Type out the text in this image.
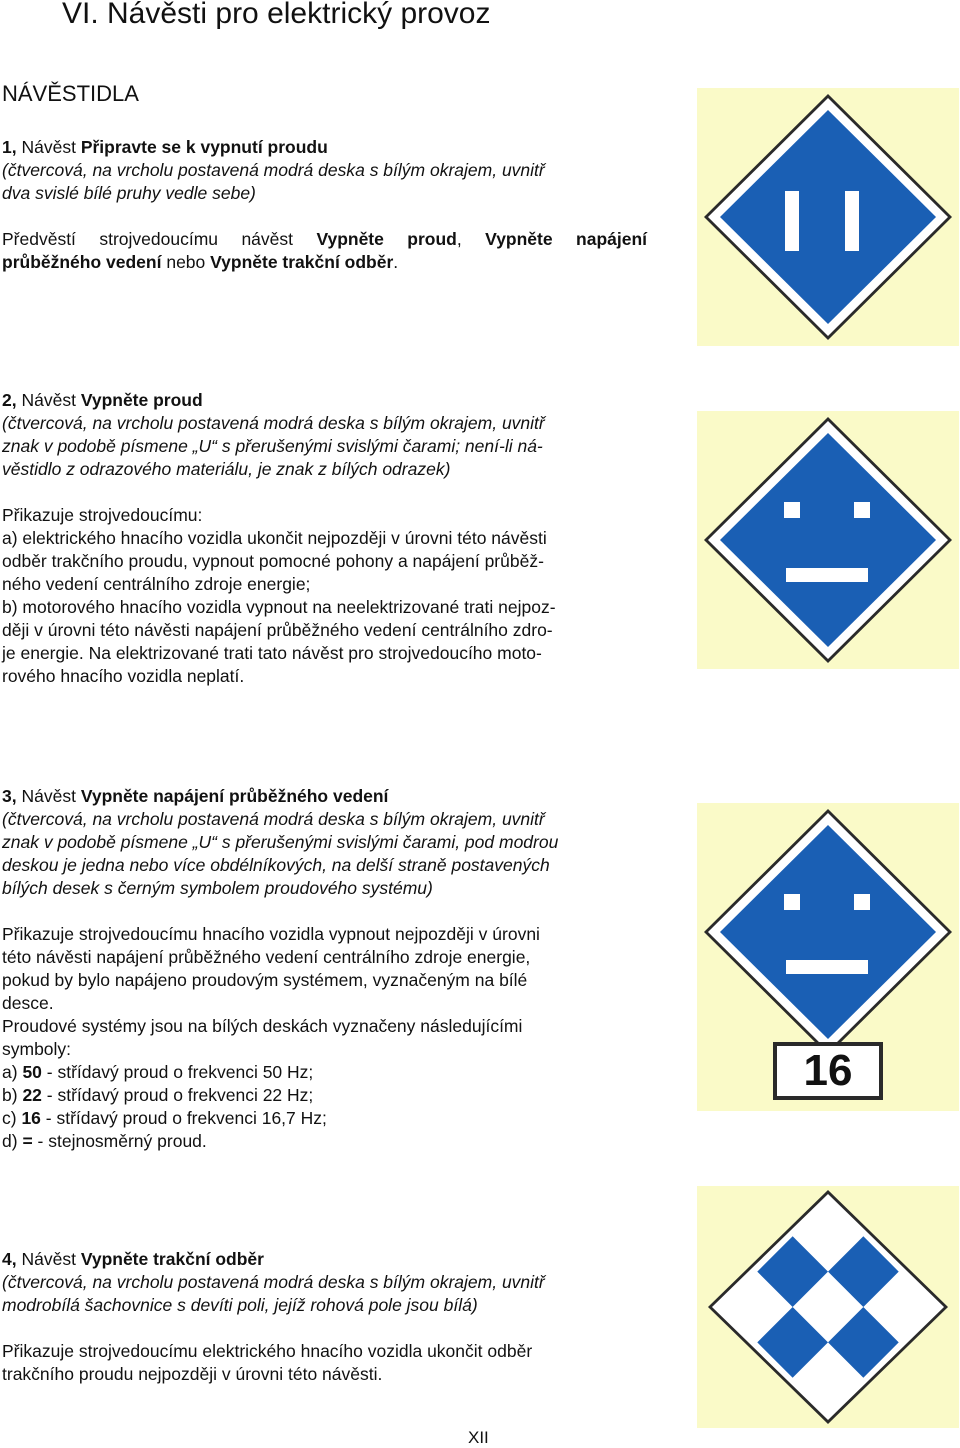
VI. Návěsti pro elektrický provoz
NÁVĚSTIDLA

1, Návěst Připravte se k vypnutí proudu

(čtvercová, na vrcholu postavená modrá deska s bílým okrajem, uvnitř

dva svislé bílé pruhy vedle sebe)

Předvěstí strojvedoucímu návěst Vypněte proud, Vypněte napájení

průběžného vedení nebo Vypněte trakční odběr.

2, Návěst Vypněte proud

(čtvercová, na vrcholu postavená modrá deska s bílým okrajem, uvnitř

znak v podobě písmene „U“ s přerušenými svislými čarami; není-li ná-

věstidlo z odrazového materiálu, je znak z bílých odrazek)

Přikazuje strojvedoucímu:

a) elektrického hnacího vozidla ukončit nejpozději v úrovni této návěsti

odběr trakčního proudu, vypnout pomocné pohony a napájení průběž-

ného vedení centrálního zdroje energie;

b) motorového hnacího vozidla vypnout na neelektrizované trati nejpoz-

ději v úrovni této návěsti napájení průběžného vedení centrálního zdro-

je energie. Na elektrizované trati tato návěst pro strojvedoucího moto-

rového hnacího vozidla neplatí.

3, Návěst Vypněte napájení průběžného vedení

(čtvercová, na vrcholu postavená modrá deska s bílým okrajem, uvnitř

znak v podobě písmene „U“ s přerušenými svislými čarami, pod modrou

deskou je jedna nebo více obdélníkových, na delší straně postavených

bílých desek s černým symbolem proudového systému)

Přikazuje strojvedoucímu hnacího vozidla vypnout nejpozději v úrovni

této návěsti napájení průběžného vedení centrálního zdroje energie,

pokud by bylo napájeno proudovým systémem, vyznačeným na bílé

desce.

Proudové systémy jsou na bílých deskách vyznačeny následujícími

symboly:

a) 50 - střídavý proud o frekvenci 50 Hz;

b) 22 - střídavý proud o frekvenci 22 Hz;

c) 16 - střídavý proud o frekvenci 16,7 Hz;

d) = - stejnosměrný proud.

16

4, Návěst Vypněte trakční odběr

(čtvercová, na vrcholu postavená modrá deska s bílým okrajem, uvnitř

modrobílá šachovnice s devíti poli, jejíž rohová pole jsou bílá)

Přikazuje strojvedoucímu elektrického hnacího vozidla ukončit odběr

trakčního proudu nejpozději v úrovni této návěsti.

XII
